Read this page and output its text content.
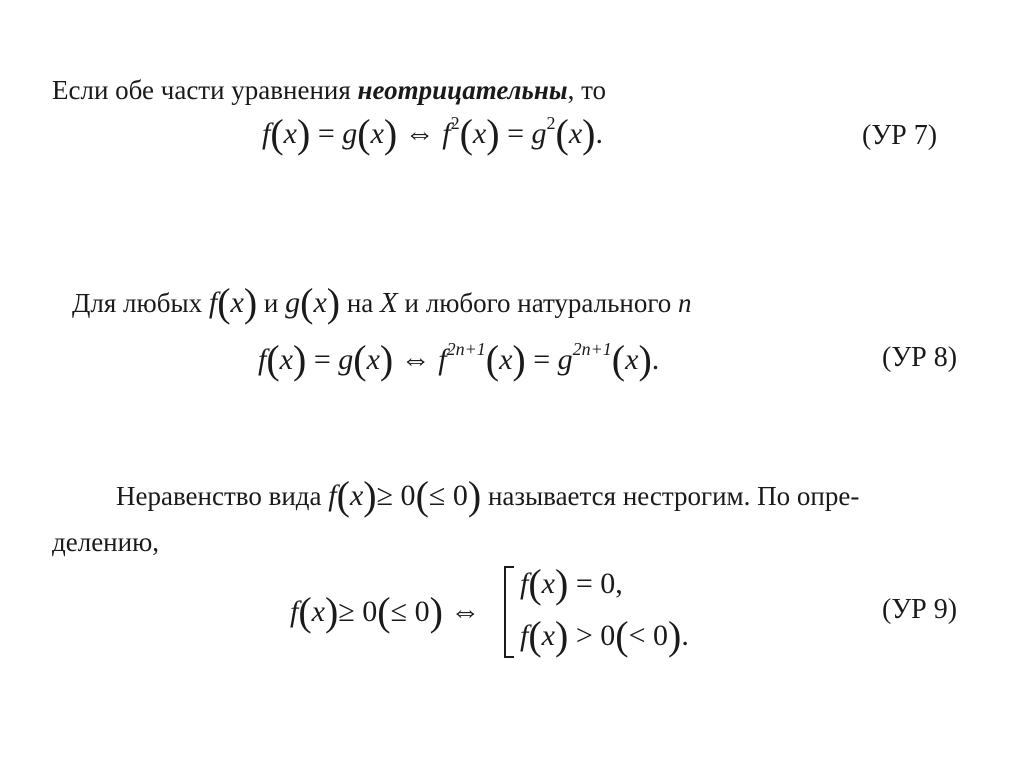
Если обе части уравнения неотрицательны, то
f(x) = g(x) ⇔ $f^2(x) = g^2(x)$.	(УР 7)
Для любых f(x) и g(x) на X и любого натурального n
f(x) = g(x) ⇔ $f^{2n+1}(x) = g^{2n+1}(x)$.	(УР 8)
Неравенство вида f(x)≥ 0(≤ 0) называется нестрогим. По опре-
делению,
f(x)≥ 0(≤ 0) ⇔
f(x) = 0,
f(x) > 0(< 0).
(УР 9)
